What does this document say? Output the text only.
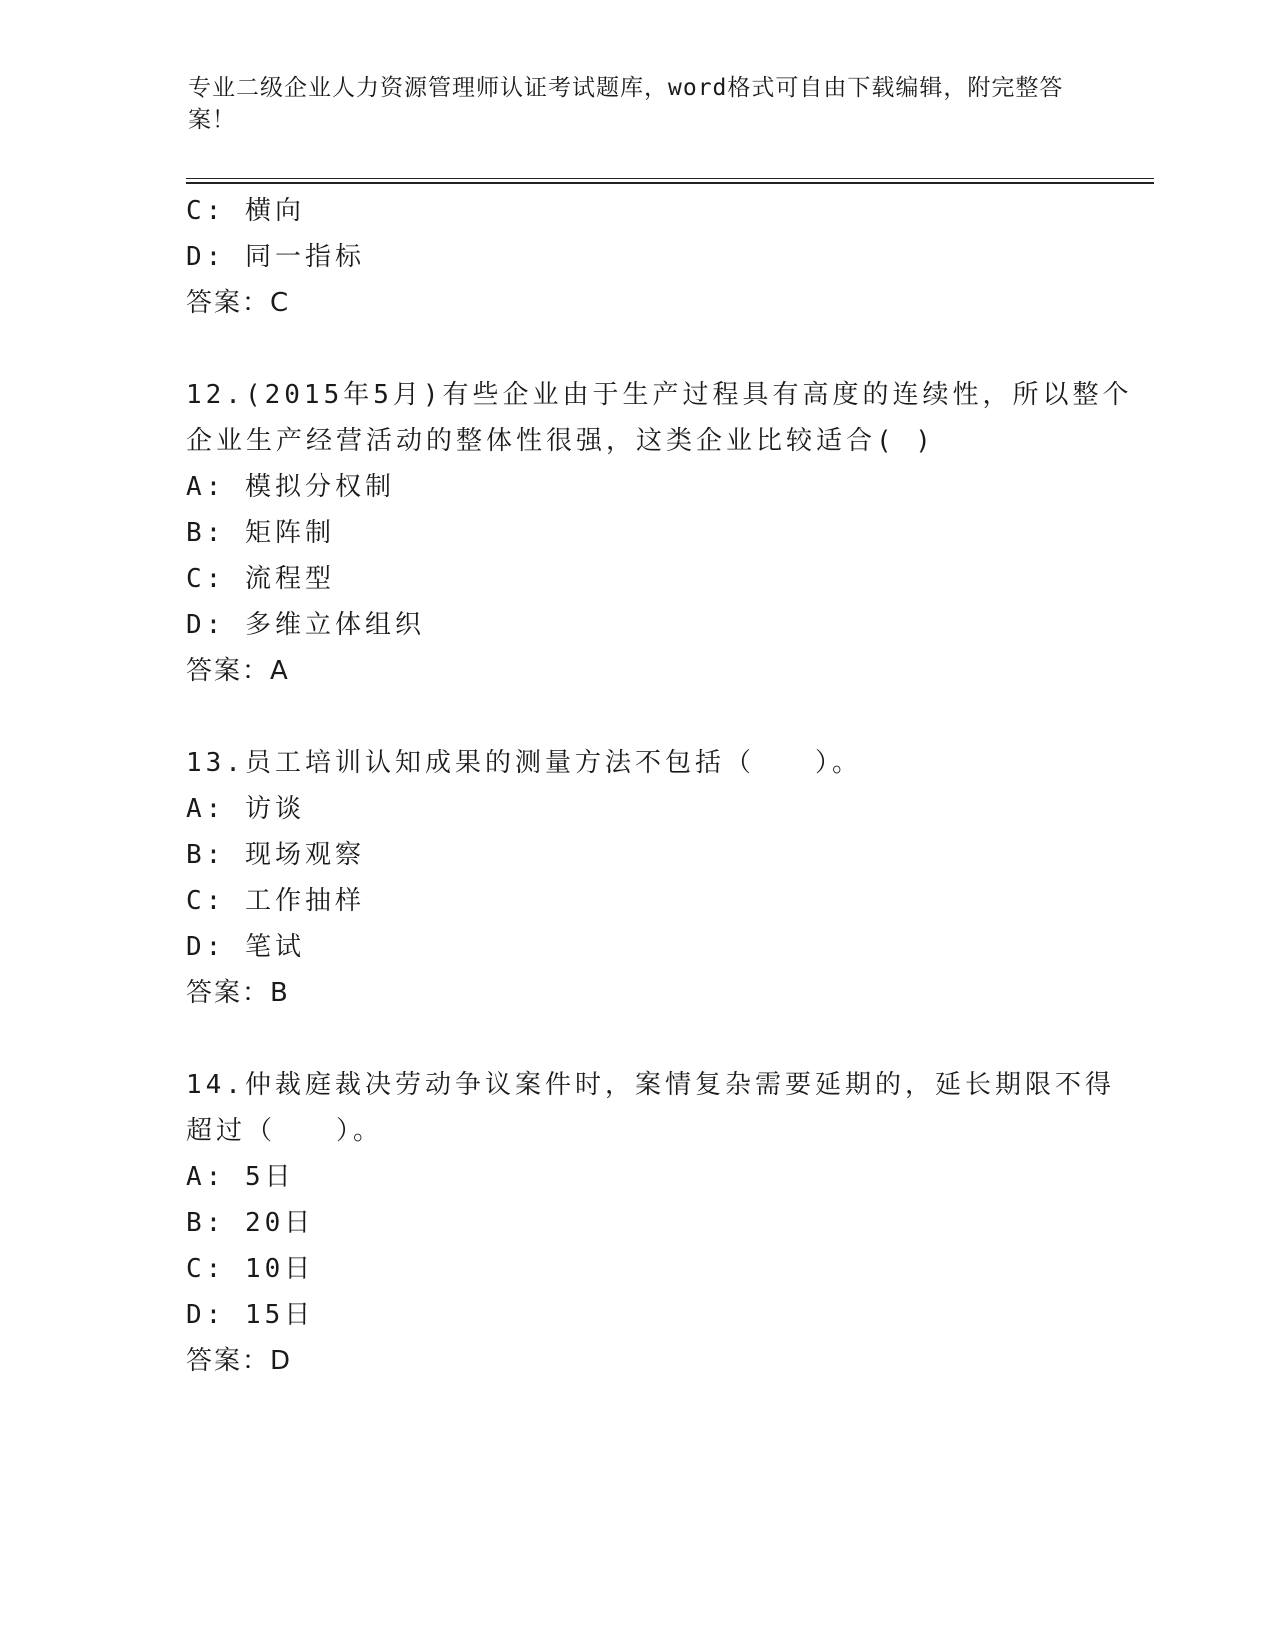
专业二级企业人力资源管理师认证考试题库，word格式可自由下载编辑，附完整答案！
C: 横向
D: 同一指标
答案：C
12.(2015年5月)有些企业由于生产过程具有高度的连续性，所以整个
企业生产经营活动的整体性很强，这类企业比较适合( )
A: 模拟分权制
B: 矩阵制
C: 流程型
D: 多维立体组织
答案：A
13.员工培训认知成果的测量方法不包括（　　）。
A: 访谈
B: 现场观察
C: 工作抽样
D: 笔试
答案：B
14.仲裁庭裁决劳动争议案件时，案情复杂需要延期的，延长期限不得
超过（　　）。
A: 5日
B: 20日
C: 10日
D: 15日
答案：D
